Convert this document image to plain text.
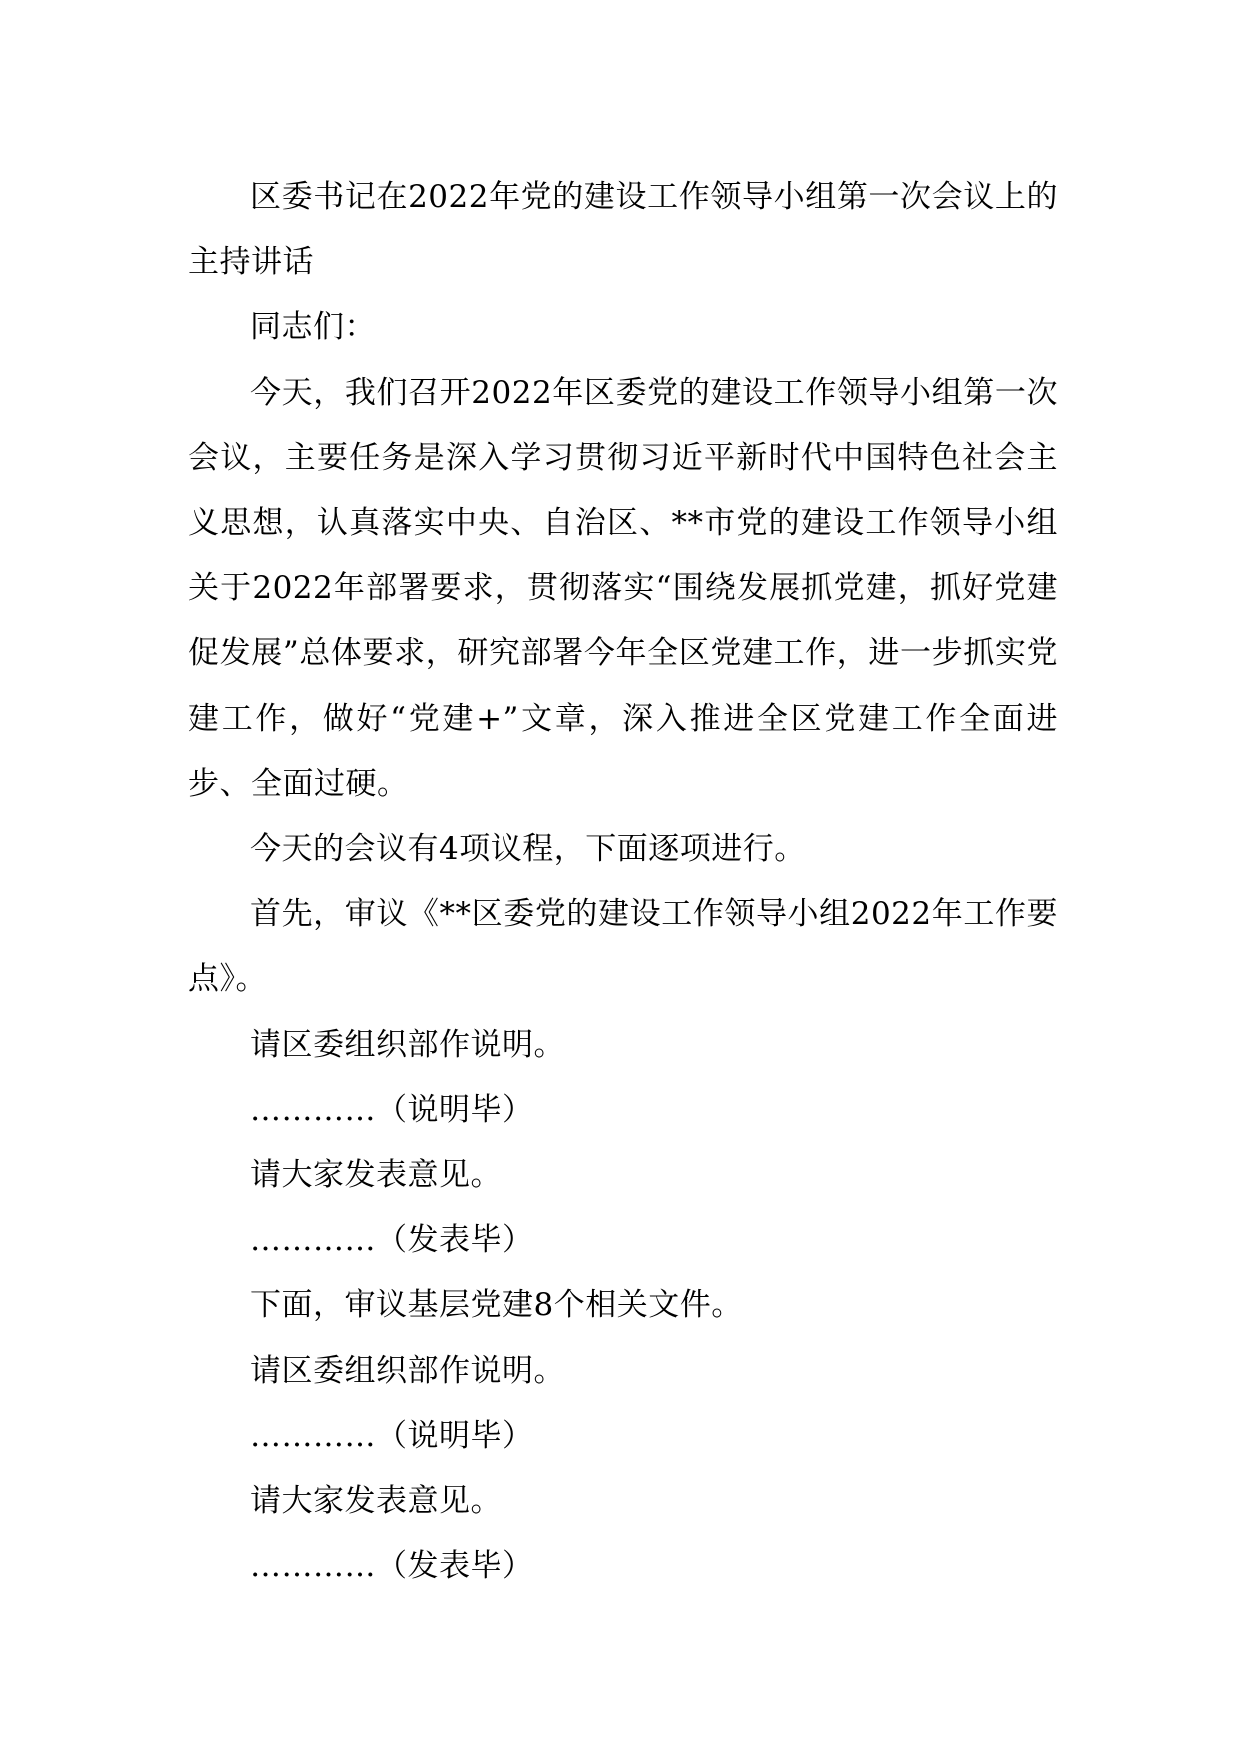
区委书记在2022年党的建设工作领导小组第一次会议上的主持讲话

同志们：

今天，我们召开2022年区委党的建设工作领导小组第一次会议，主要任务是深入学习贯彻习近平新时代中国特色社会主义思想，认真落实中央、自治区、**市党的建设工作领导小组关于2022年部署要求，贯彻落实“围绕发展抓党建，抓好党建促发展”总体要求，研究部署今年全区党建工作，进一步抓实党建工作，做好“党建+”文章，深入推进全区党建工作全面进步、全面过硬。

今天的会议有4项议程，下面逐项进行。

首先，审议《**区委党的建设工作领导小组2022年工作要点》。

请区委组织部作说明。

…………（说明毕）

请大家发表意见。

…………（发表毕）

下面，审议基层党建8个相关文件。

请区委组织部作说明。

…………（说明毕）

请大家发表意见。

…………（发表毕）
